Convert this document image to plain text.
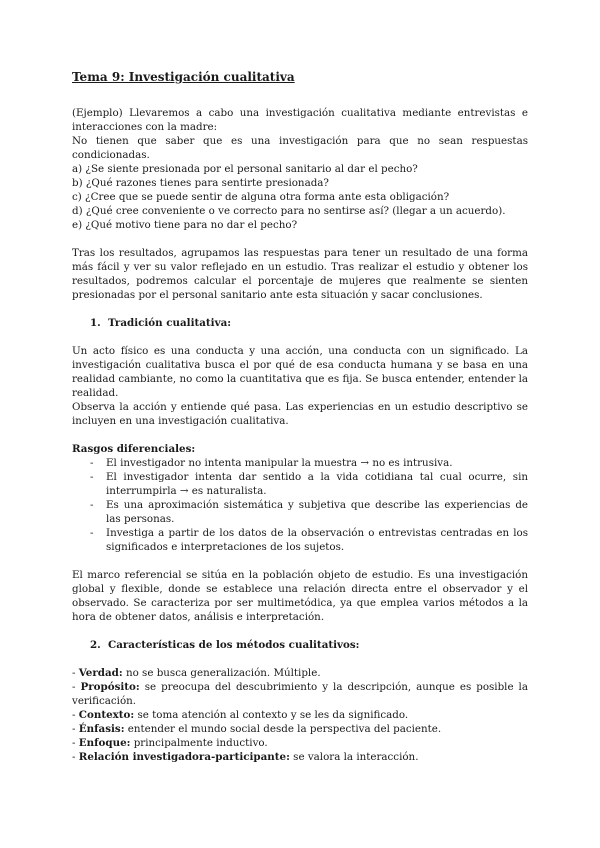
Tema 9: Investigación cualitativa

(Ejemplo) Llevaremos a cabo una investigación cualitativa mediante entrevistas e interacciones con la madre:

No tienen que saber que es una investigación para que no sean respuestas condicionadas.

a) ¿Se siente presionada por el personal sanitario al dar el pecho?
b) ¿Qué razones tienes para sentirte presionada?
c) ¿Cree que se puede sentir de alguna otra forma ante esta obligación?
d) ¿Qué cree conveniente o ve correcto para no sentirse así? (llegar a un acuerdo).
e) ¿Qué motivo tiene para no dar el pecho?

Tras los resultados, agrupamos las respuestas para tener un resultado de una forma más fácil y ver su valor reflejado en un estudio. Tras realizar el estudio y obtener los resultados, podremos calcular el porcentaje de mujeres que realmente se sienten presionadas por el personal sanitario ante esta situación y sacar conclusiones.

1. Tradición cualitativa:

Un acto físico es una conducta y una acción, una conducta con un significado. La investigación cualitativa busca el por qué de esa conducta humana y se basa en una realidad cambiante, no como la cuantitativa que es fija. Se busca entender, entender la realidad.

Observa la acción y entiende qué pasa. Las experiencias en un estudio descriptivo se incluyen en una investigación cualitativa.

Rasgos diferenciales:
- El investigador no intenta manipular la muestra → no es intrusiva.
- El investigador intenta dar sentido a la vida cotidiana tal cual ocurre, sin interrumpirla → es naturalista.
- Es una aproximación sistemática y subjetiva que describe las experiencias de las personas.
- Investiga a partir de los datos de la observación o entrevistas centradas en los significados e interpretaciones de los sujetos.

El marco referencial se sitúa en la población objeto de estudio. Es una investigación global y flexible, donde se establece una relación directa entre el observador y el observado. Se caracteriza por ser multimetódica, ya que emplea varios métodos a la hora de obtener datos, análisis e interpretación.

2. Características de los métodos cualitativos:

- Verdad: no se busca generalización. Múltiple.

- Propósito: se preocupa del descubrimiento y la descripción, aunque es posible la verificación.

- Contexto: se toma atención al contexto y se les da significado.

- Énfasis: entender el mundo social desde la perspectiva del paciente.

- Enfoque: principalmente inductivo.

- Relación investigadora-participante: se valora la interacción.
